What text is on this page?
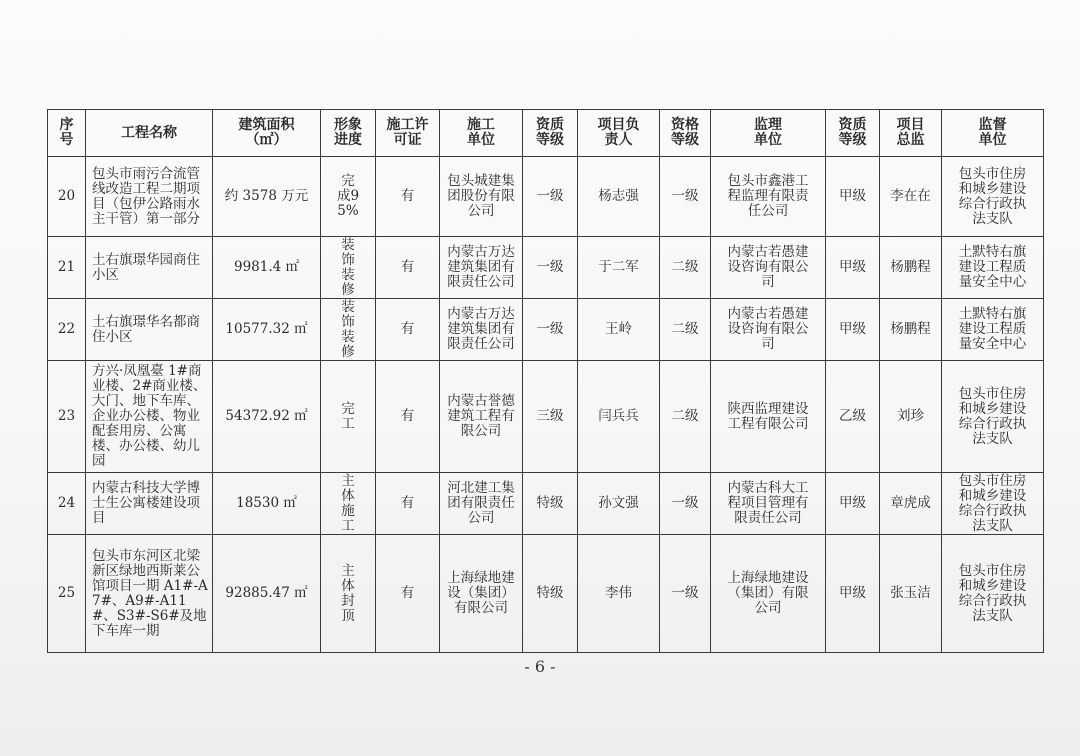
序号	工程名称	建筑面积（㎡）	形象进度	施工许可证	施工单位	资质等级	项目负责人	资格等级	监理单位	资质等级	项目总监	监督单位
20	包头市雨污合流管线改造工程二期项目（包伊公路雨水主干管）第一部分	约 3578 万元	完成95%	有	包头城建集团股份有限公司	一级	杨志强	一级	包头市鑫港工程监理有限责任公司	甲级	李在在	包头市住房和城乡建设综合行政执法支队
21	土右旗璟华园商住小区	9981.4 ㎡	装饰装修	有	内蒙古万达建筑集团有限责任公司	一级	于二军	二级	内蒙古若愚建设咨询有限公司	甲级	杨鹏程	土默特右旗建设工程质量安全中心
22	土右旗璟华名都商住小区	10577.32 ㎡	装饰装修	有	内蒙古万达建筑集团有限责任公司	一级	王岭	二级	内蒙古若愚建设咨询有限公司	甲级	杨鹏程	土默特右旗建设工程质量安全中心
23	方兴·凤凰臺 1#商业楼、2#商业楼、大门、地下车库、企业办公楼、物业配套用房、公寓楼、办公楼、幼儿园	54372.92 ㎡	完工	有	内蒙古誉德建筑工程有限公司	三级	闫兵兵	二级	陕西监理建设工程有限公司	乙级	刘珍	包头市住房和城乡建设综合行政执法支队
24	内蒙古科技大学博士生公寓楼建设项目	18530 ㎡	主体施工	有	河北建工集团有限责任公司	特级	孙文强	一级	内蒙古科大工程项目管理有限责任公司	甲级	章虎成	包头市住房和城乡建设综合行政执法支队
25	包头市东河区北梁新区绿地西斯莱公馆项目一期 A1#-A7#、A9#-A11#、S3#-S6#及地下车库一期	92885.47 ㎡	主体封顶	有	上海绿地建设（集团）有限公司	特级	李伟	一级	上海绿地建设（集团）有限公司	甲级	张玉洁	包头市住房和城乡建设综合行政执法支队
- 6 -
